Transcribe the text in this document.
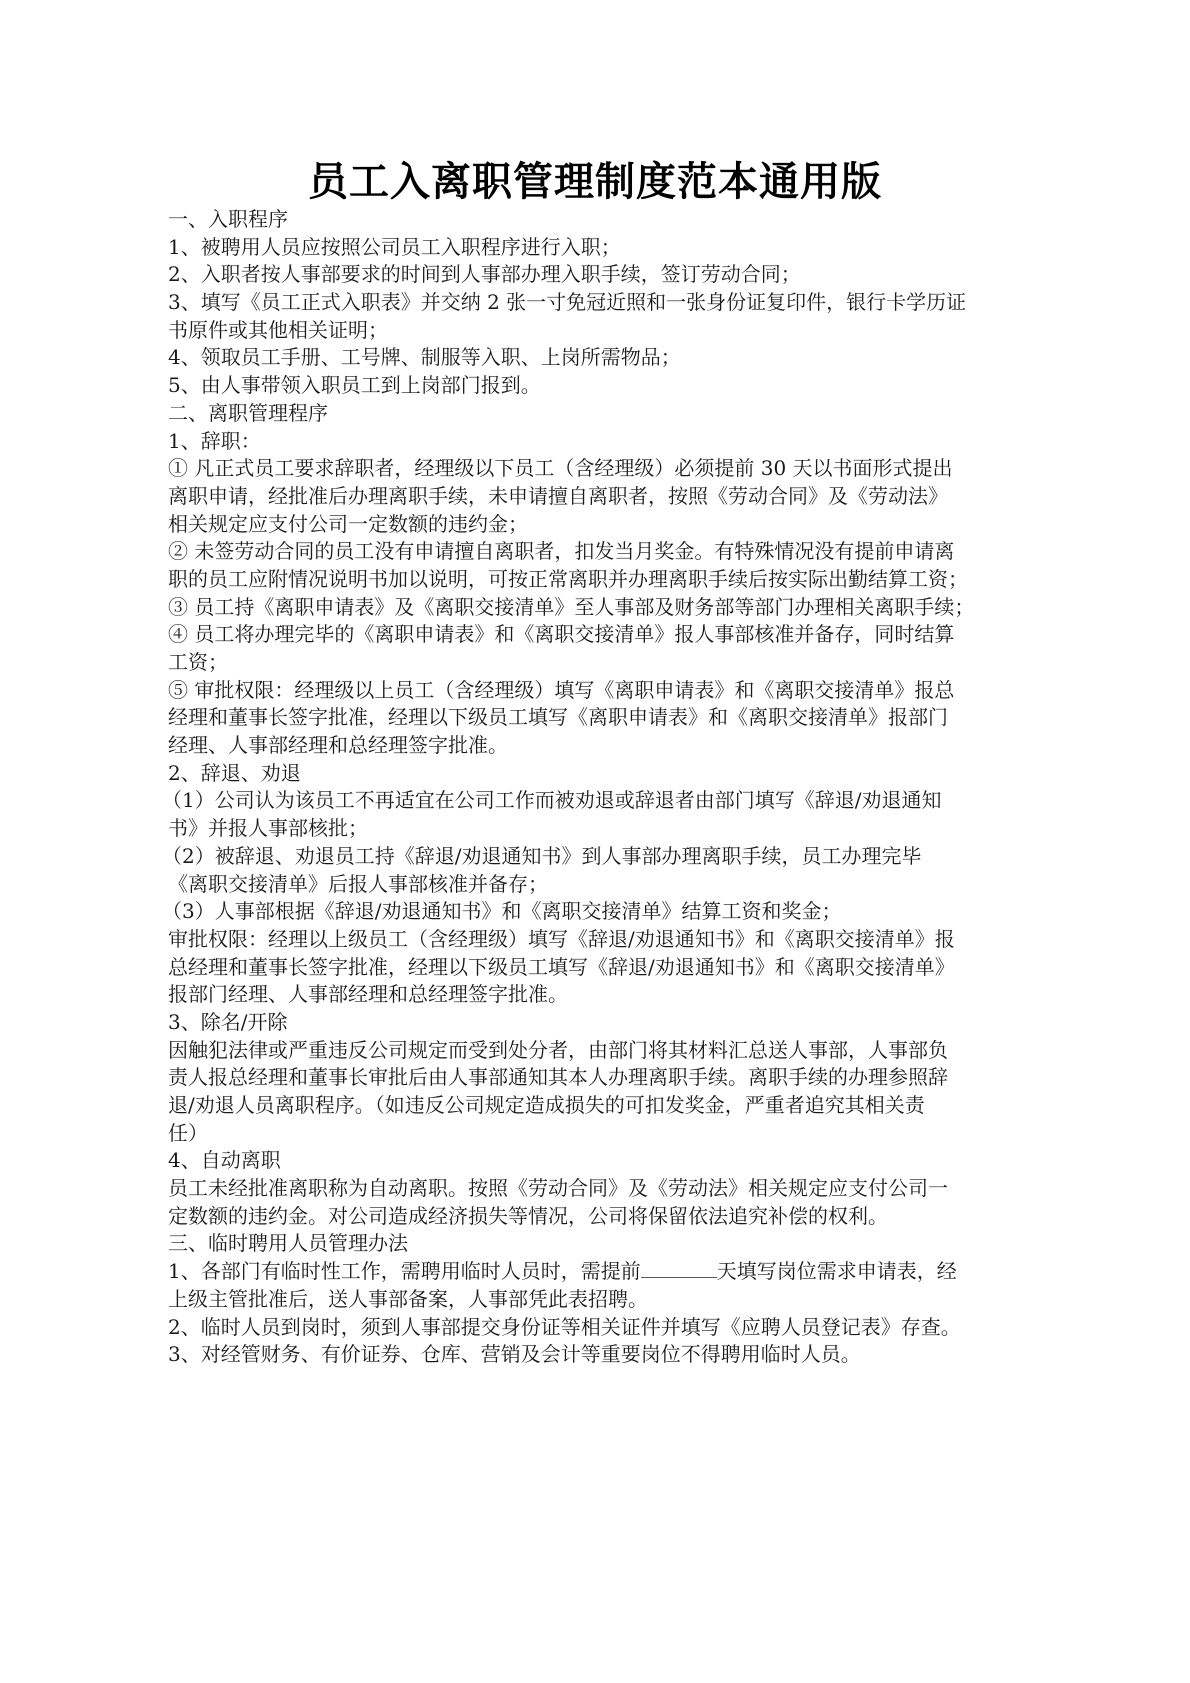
员工入离职管理制度范本通用版
一、入职程序
1、被聘用人员应按照公司员工入职程序进行入职；
2、入职者按人事部要求的时间到人事部办理入职手续，签订劳动合同；
3、填写《员工正式入职表》并交纳 2 张一寸免冠近照和一张身份证复印件，银行卡学历证
书原件或其他相关证明；
4、领取员工手册、工号牌、制服等入职、上岗所需物品；
5、由人事带领入职员工到上岗部门报到。
二、离职管理程序
1、辞职：
① 凡正式员工要求辞职者，经理级以下员工（含经理级）必须提前 30 天以书面形式提出
离职申请，经批准后办理离职手续，未申请擅自离职者，按照《劳动合同》及《劳动法》
相关规定应支付公司一定数额的违约金；
② 未签劳动合同的员工没有申请擅自离职者，扣发当月奖金。有特殊情况没有提前申请离
职的员工应附情况说明书加以说明，可按正常离职并办理离职手续后按实际出勤结算工资；
③ 员工持《离职申请表》及《离职交接清单》至人事部及财务部等部门办理相关离职手续；
④ 员工将办理完毕的《离职申请表》和《离职交接清单》报人事部核准并备存，同时结算
工资；
⑤ 审批权限：经理级以上员工（含经理级）填写《离职申请表》和《离职交接清单》报总
经理和董事长签字批准，经理以下级员工填写《离职申请表》和《离职交接清单》报部门
经理、人事部经理和总经理签字批准。
2、辞退、劝退
（1）公司认为该员工不再适宜在公司工作而被劝退或辞退者由部门填写《辞退/劝退通知
书》并报人事部核批；
（2）被辞退、劝退员工持《辞退/劝退通知书》到人事部办理离职手续，员工办理完毕
《离职交接清单》后报人事部核准并备存；
（3）人事部根据《辞退/劝退通知书》和《离职交接清单》结算工资和奖金；
审批权限：经理以上级员工（含经理级）填写《辞退/劝退通知书》和《离职交接清单》报
总经理和董事长签字批准，经理以下级员工填写《辞退/劝退通知书》和《离职交接清单》
报部门经理、人事部经理和总经理签字批准。
3、除名/开除
因触犯法律或严重违反公司规定而受到处分者，由部门将其材料汇总送人事部，人事部负
责人报总经理和董事长审批后由人事部通知其本人办理离职手续。离职手续的办理参照辞
退/劝退人员离职程序。（如违反公司规定造成损失的可扣发奖金，严重者追究其相关责
任）
4、自动离职
员工未经批准离职称为自动离职。按照《劳动合同》及《劳动法》相关规定应支付公司一
定数额的违约金。对公司造成经济损失等情况，公司将保留依法追究补偿的权利。
三、临时聘用人员管理办法
1、各部门有临时性工作，需聘用临时人员时，需提前	天填写岗位需求申请表，经
上级主管批准后，送人事部备案，人事部凭此表招聘。
2、临时人员到岗时，须到人事部提交身份证等相关证件并填写《应聘人员登记表》存查。
3、对经管财务、有价证券、仓库、营销及会计等重要岗位不得聘用临时人员。
